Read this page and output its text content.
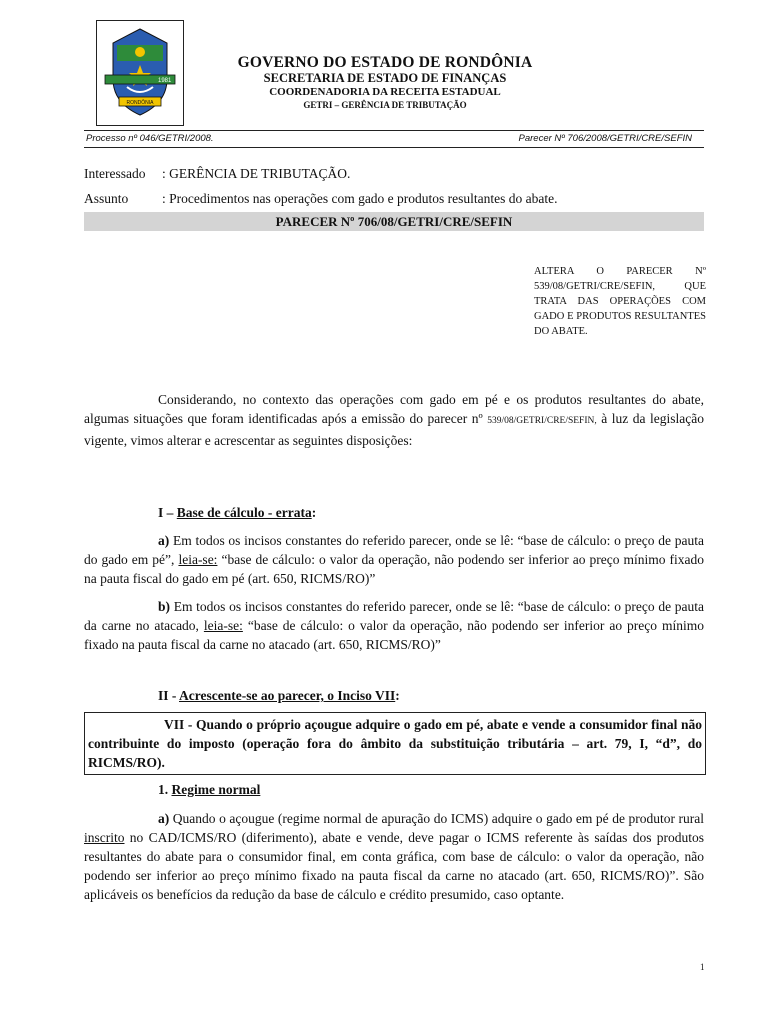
1981
RONDÔNIA
GOVERNO DO ESTADO DE RONDÔNIA
SECRETARIA DE ESTADO DE FINANÇAS
COORDENADORIA DA RECEITA ESTADUAL
GETRI – GERÊNCIA DE TRIBUTAÇÃO
Processo nº 046/GETRI/2008.	Parecer Nº 706/2008/GETRI/CRE/SEFIN
Interessado : GERÊNCIA DE TRIBUTAÇÃO.
Assunto : Procedimentos nas operações com gado e produtos resultantes do abate.
PARECER Nº 706/08/GETRI/CRE/SEFIN
ALTERA O PARECER Nº 539/08/GETRI/CRE/SEFIN, QUE TRATA DAS OPERAÇÕES COM GADO E PRODUTOS RESULTANTES DO ABATE.
Considerando, no contexto das operações com gado em pé e os produtos resultantes do abate, algumas situações que foram identificadas após a emissão do parecer nº 539/08/GETRI/CRE/SEFIN, à luz da legislação vigente, vimos alterar e acrescentar as seguintes disposições:
I – Base de cálculo - errata:
a) Em todos os incisos constantes do referido parecer, onde se lê: “base de cálculo: o preço de pauta do gado em pé”, leia-se: “base de cálculo: o valor da operação, não podendo ser inferior ao preço mínimo fixado na pauta fiscal do gado em pé (art. 650, RICMS/RO)”
b) Em todos os incisos constantes do referido parecer, onde se lê: “base de cálculo: o preço de pauta da carne no atacado, leia-se: “base de cálculo: o valor da operação, não podendo ser inferior ao preço mínimo fixado na pauta fiscal da carne no atacado (art. 650, RICMS/RO)”
II - Acrescente-se ao parecer, o Inciso VII:
VII - Quando o próprio açougue adquire o gado em pé, abate e vende a consumidor final não contribuinte do imposto (operação fora do âmbito da substituição tributária – art. 79, I, “d”, do RICMS/RO).
1. Regime normal
a) Quando o açougue (regime normal de apuração do ICMS) adquire o gado em pé de produtor rural inscrito no CAD/ICMS/RO (diferimento), abate e vende, deve pagar o ICMS referente às saídas dos produtos resultantes do abate para o consumidor final, em conta gráfica, com base de cálculo: o valor da operação, não podendo ser inferior ao preço mínimo fixado na pauta fiscal da carne no atacado (art. 650, RICMS/RO)”. São aplicáveis os benefícios da redução da base de cálculo e crédito presumido, caso optante.
1
